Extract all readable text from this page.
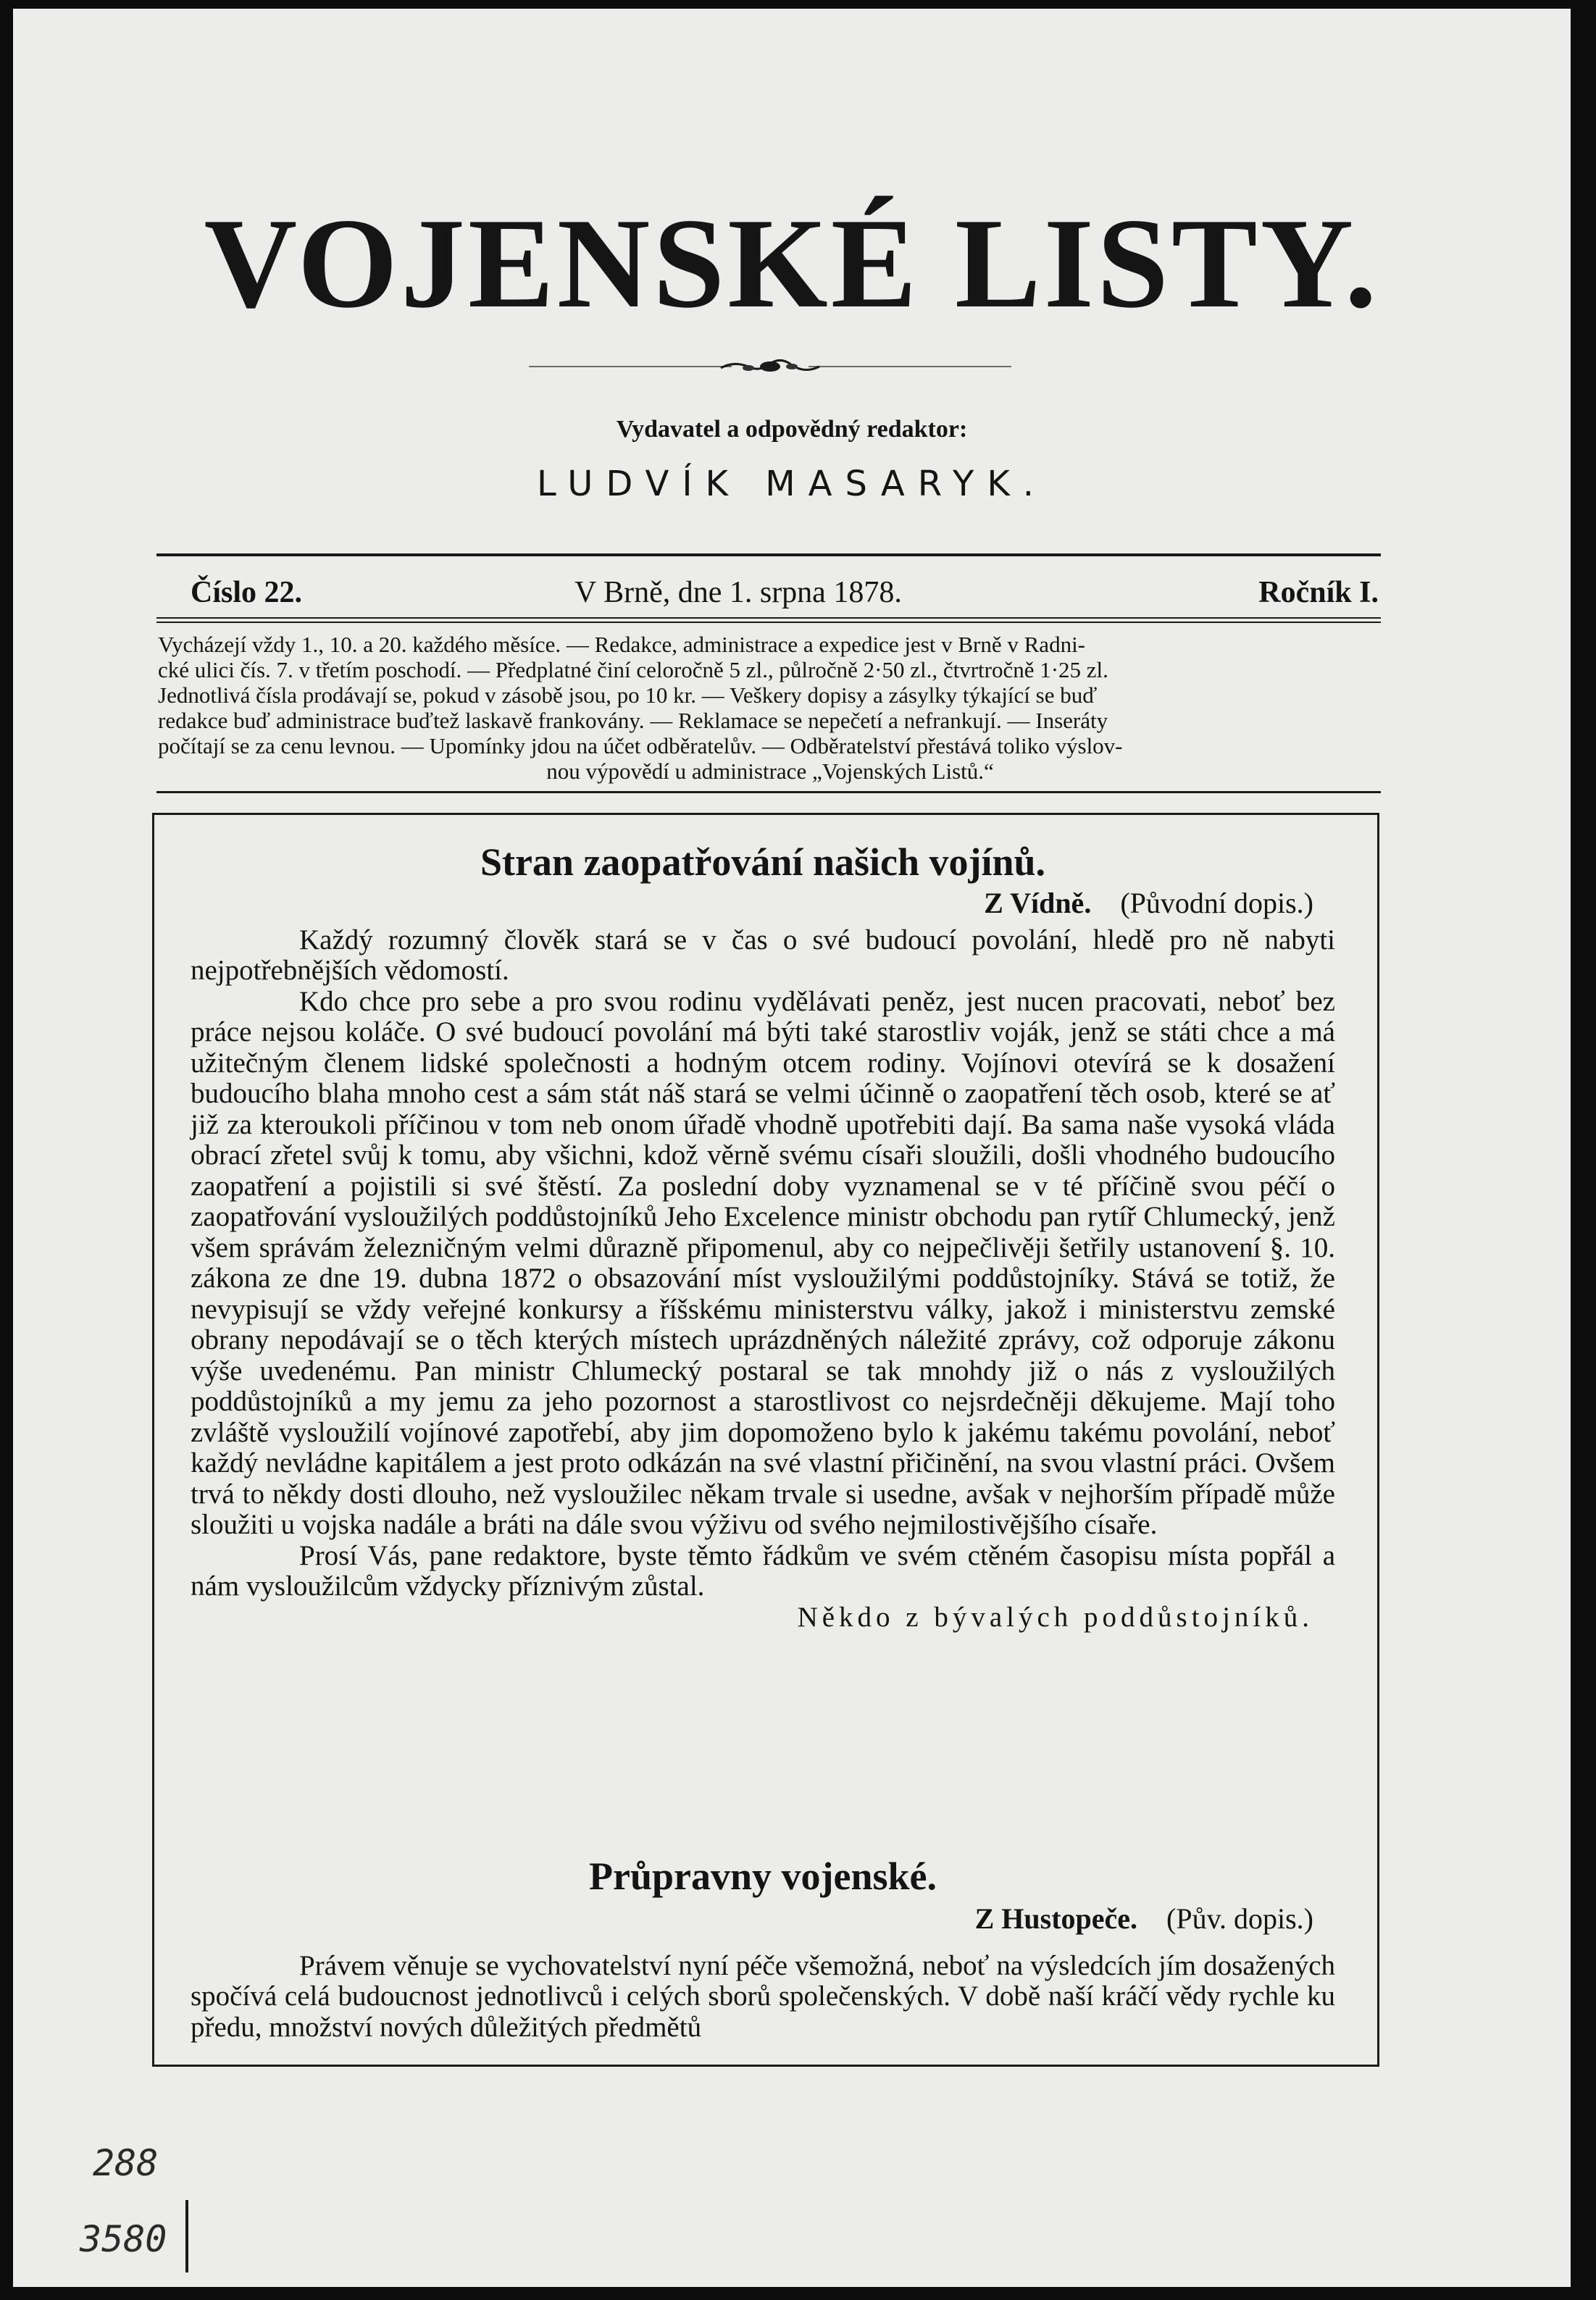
VOJENSKÉ LISTY.
Vydavatel a odpovědný redaktor:
LUDVÍK MASARYK.
Číslo 22.	V Brně, dne 1. srpna 1878.	Ročník I.
Vycházejí vždy 1., 10. a 20. každého měsíce. — Redakce, administrace a expedice jest v Brně v Radni-
cké ulici čís. 7. v třetím poschodí. — Předplatné činí celoročně 5 zl., půlročně 2·50 zl., čtvrtročně 1·25 zl.
Jednotlivá čísla prodávají se, pokud v zásobě jsou, po 10 kr. — Veškery dopisy a zásylky týkající se buď
redakce buď administrace buďtež laskavě frankovány. — Reklamace se nepečetí a nefrankují. — Inseráty
počítají se za cenu levnou. — Upomínky jdou na účet odběratelův. — Odběratelství přestává toliko výslov-
nou výpovědí u administrace „Vojenských Listů.“
Stran zaopatřování našich vojínů.
Z Vídně. (Původní dopis.)
Každý rozumný člověk stará se v čas o své budoucí povolání, hledě pro ně nabyti nejpotřebnějších vědomostí.
Kdo chce pro sebe a pro svou rodinu vydělávati peněz, jest nucen pracovati, neboť bez práce nejsou koláče. O své budoucí povolání má býti také starostliv voják, jenž se státi chce a má užitečným členem lidské společnosti a hodným otcem rodiny. Vojínovi otevírá se k dosažení budoucího blaha mnoho cest a sám stát náš stará se velmi účinně o zaopatření těch osob, které se ať již za kteroukoli příčinou v tom neb onom úřadě vhodně upotřebiti dají. Ba sama naše vysoká vláda obrací zřetel svůj k tomu, aby všichni, kdož věrně svému císaři sloužili, došli vhodného budoucího zaopatření a pojistili si své štěstí. Za poslední doby vyznamenal se v té příčině svou péčí o zaopatřování vysloužilých poddůstojníků Jeho Excelence ministr obchodu pan rytíř Chlumecký, jenž všem správám železničným velmi důrazně připomenul, aby co nejpečlivěji šetřily ustanovení §. 10. zákona ze dne 19. dubna 1872 o obsazování míst vysloužilými poddůstojníky. Stává se totiž, že nevypisují se vždy veřejné konkursy a říšskému ministerstvu války, jakož i ministerstvu zemské obrany nepodávají se o těch kterých místech uprázdněných náležité zprávy, což odporuje zákonu výše uvedenému. Pan ministr Chlumecký postaral se tak mnohdy již o nás z vysloužilých poddůstojníků a my jemu za jeho pozornost a starostlivost co nejsrdečněji děkujeme. Mají toho zvláště vysloužilí vojínové zapotřebí, aby jim dopomoženo bylo k jakému takému povolání, neboť každý nevládne kapitálem a jest proto odkázán na své vlastní přičinění, na svou vlastní práci. Ovšem trvá to někdy dosti dlouho, než vysloužilec někam trvale si usedne, avšak v nejhorším případě může sloužiti u vojska nadále a bráti na dále svou výživu od svého nejmilostivějšího císaře.
Prosí Vás, pane redaktore, byste těmto řádkům ve svém ctěném časopisu místa popřál a nám vysloužilcům vždycky příznivým zůstal.
Někdo z bývalých poddůstojníků.
Průpravny vojenské.
Z Hustopeče. (Pův. dopis.)
Právem věnuje se vychovatelství nyní péče všemožná, neboť na výsledcích jím dosažených spočívá celá budoucnost jednotlivců i celých sborů společenských. V době naší kráčí vědy rychle ku předu, množství nových důležitých předmětů
288
3580
